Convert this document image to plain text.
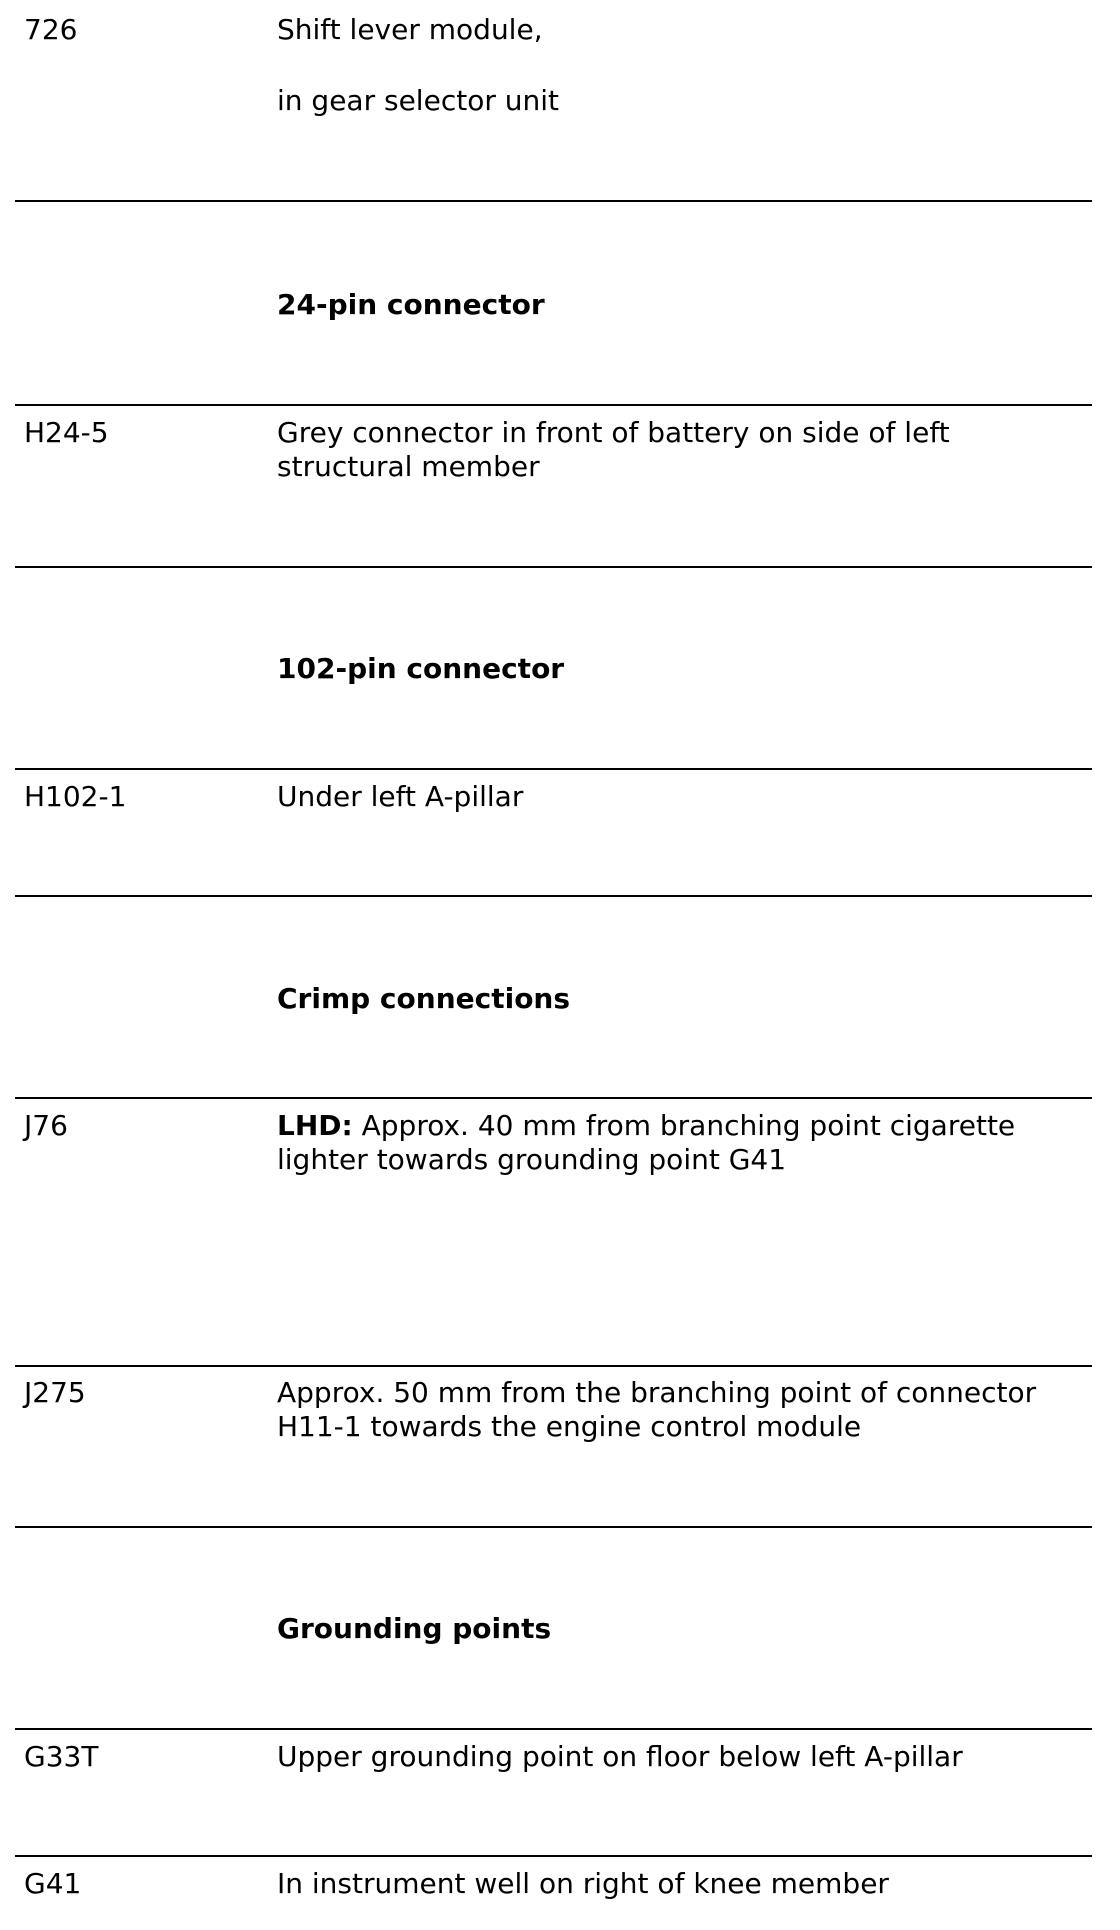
726	Shift lever module,
in gear selector unit
24-pin connector
H24-5	Grey connector in front of battery on side of left structural member
102-pin connector
H102-1	Under left A-pillar
Crimp connections
J76	LHD: Approx. 40 mm from branching point cigarette lighter towards grounding point G41
J275	Approx. 50 mm from the branching point of connector H11-1 towards the engine control module
Grounding points
G33T	Upper grounding point on floor below left A-pillar
G41	In instrument well on right of knee member
